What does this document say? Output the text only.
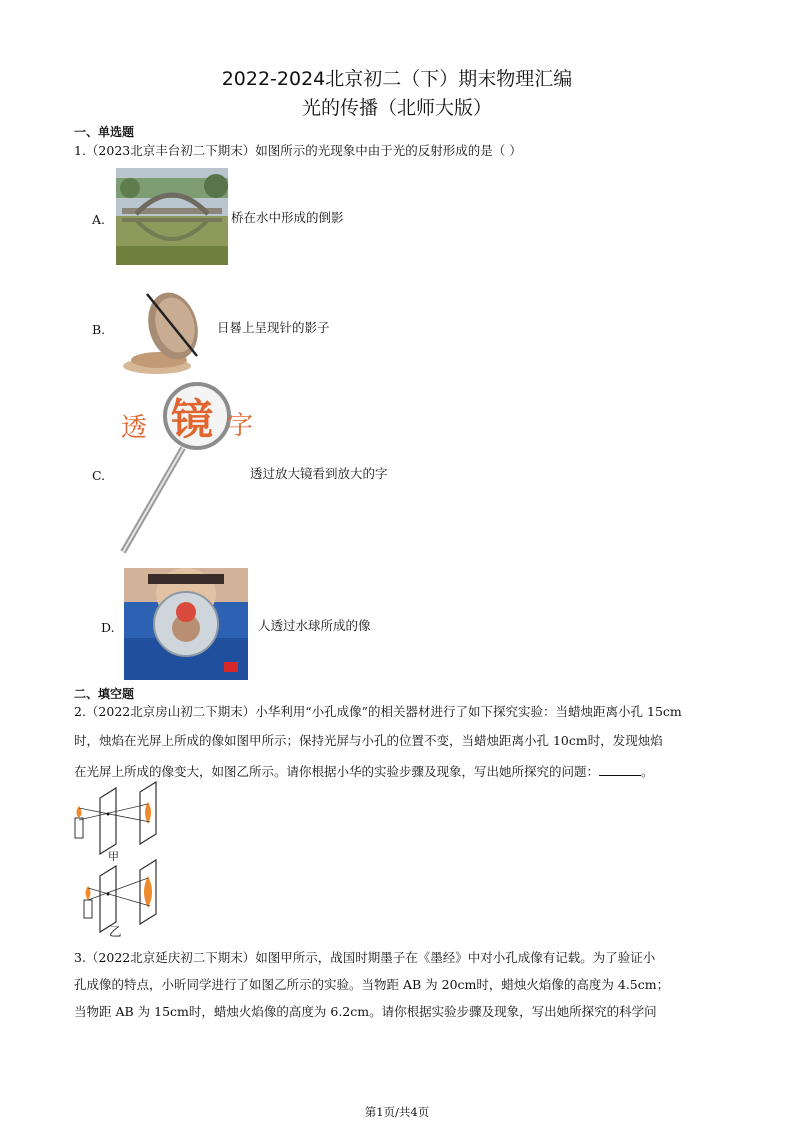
2022-2024北京初二（下）期末物理汇编
光的传播（北师大版）
一、单选题
1.（2023北京丰台初二下期末）如图所示的光现象中由于光的反射形成的是（ ）
A.	桥在水中形成的倒影
B.	日晷上呈现针的影子
C.
透 镜 字
透过放大镜看到放大的字
D.	人透过水球所成的像
二、填空题
2.（2022北京房山初二下期末）小华利用“小孔成像”的相关器材进行了如下探究实验：当蜡烛距离小孔 15cm
时，烛焰在光屏上所成的像如图甲所示；保持光屏与小孔的位置不变，当蜡烛距离小孔 10cm时，发现烛焰
在光屏上所成的像变大，如图乙所示。请你根据小华的实验步骤及现象，写出她所探究的问题：	。
甲
乙
3.（2022北京延庆初二下期末）如图甲所示，战国时期墨子在《墨经》中对小孔成像有记载。为了验证小
孔成像的特点，小昕同学进行了如图乙所示的实验。当物距 AB 为 20cm时，蜡烛火焰像的高度为 4.5cm；
当物距 AB 为 15cm时，蜡烛火焰像的高度为 6.2cm。请你根据实验步骤及现象，写出她所探究的科学问
第1页/共4页
